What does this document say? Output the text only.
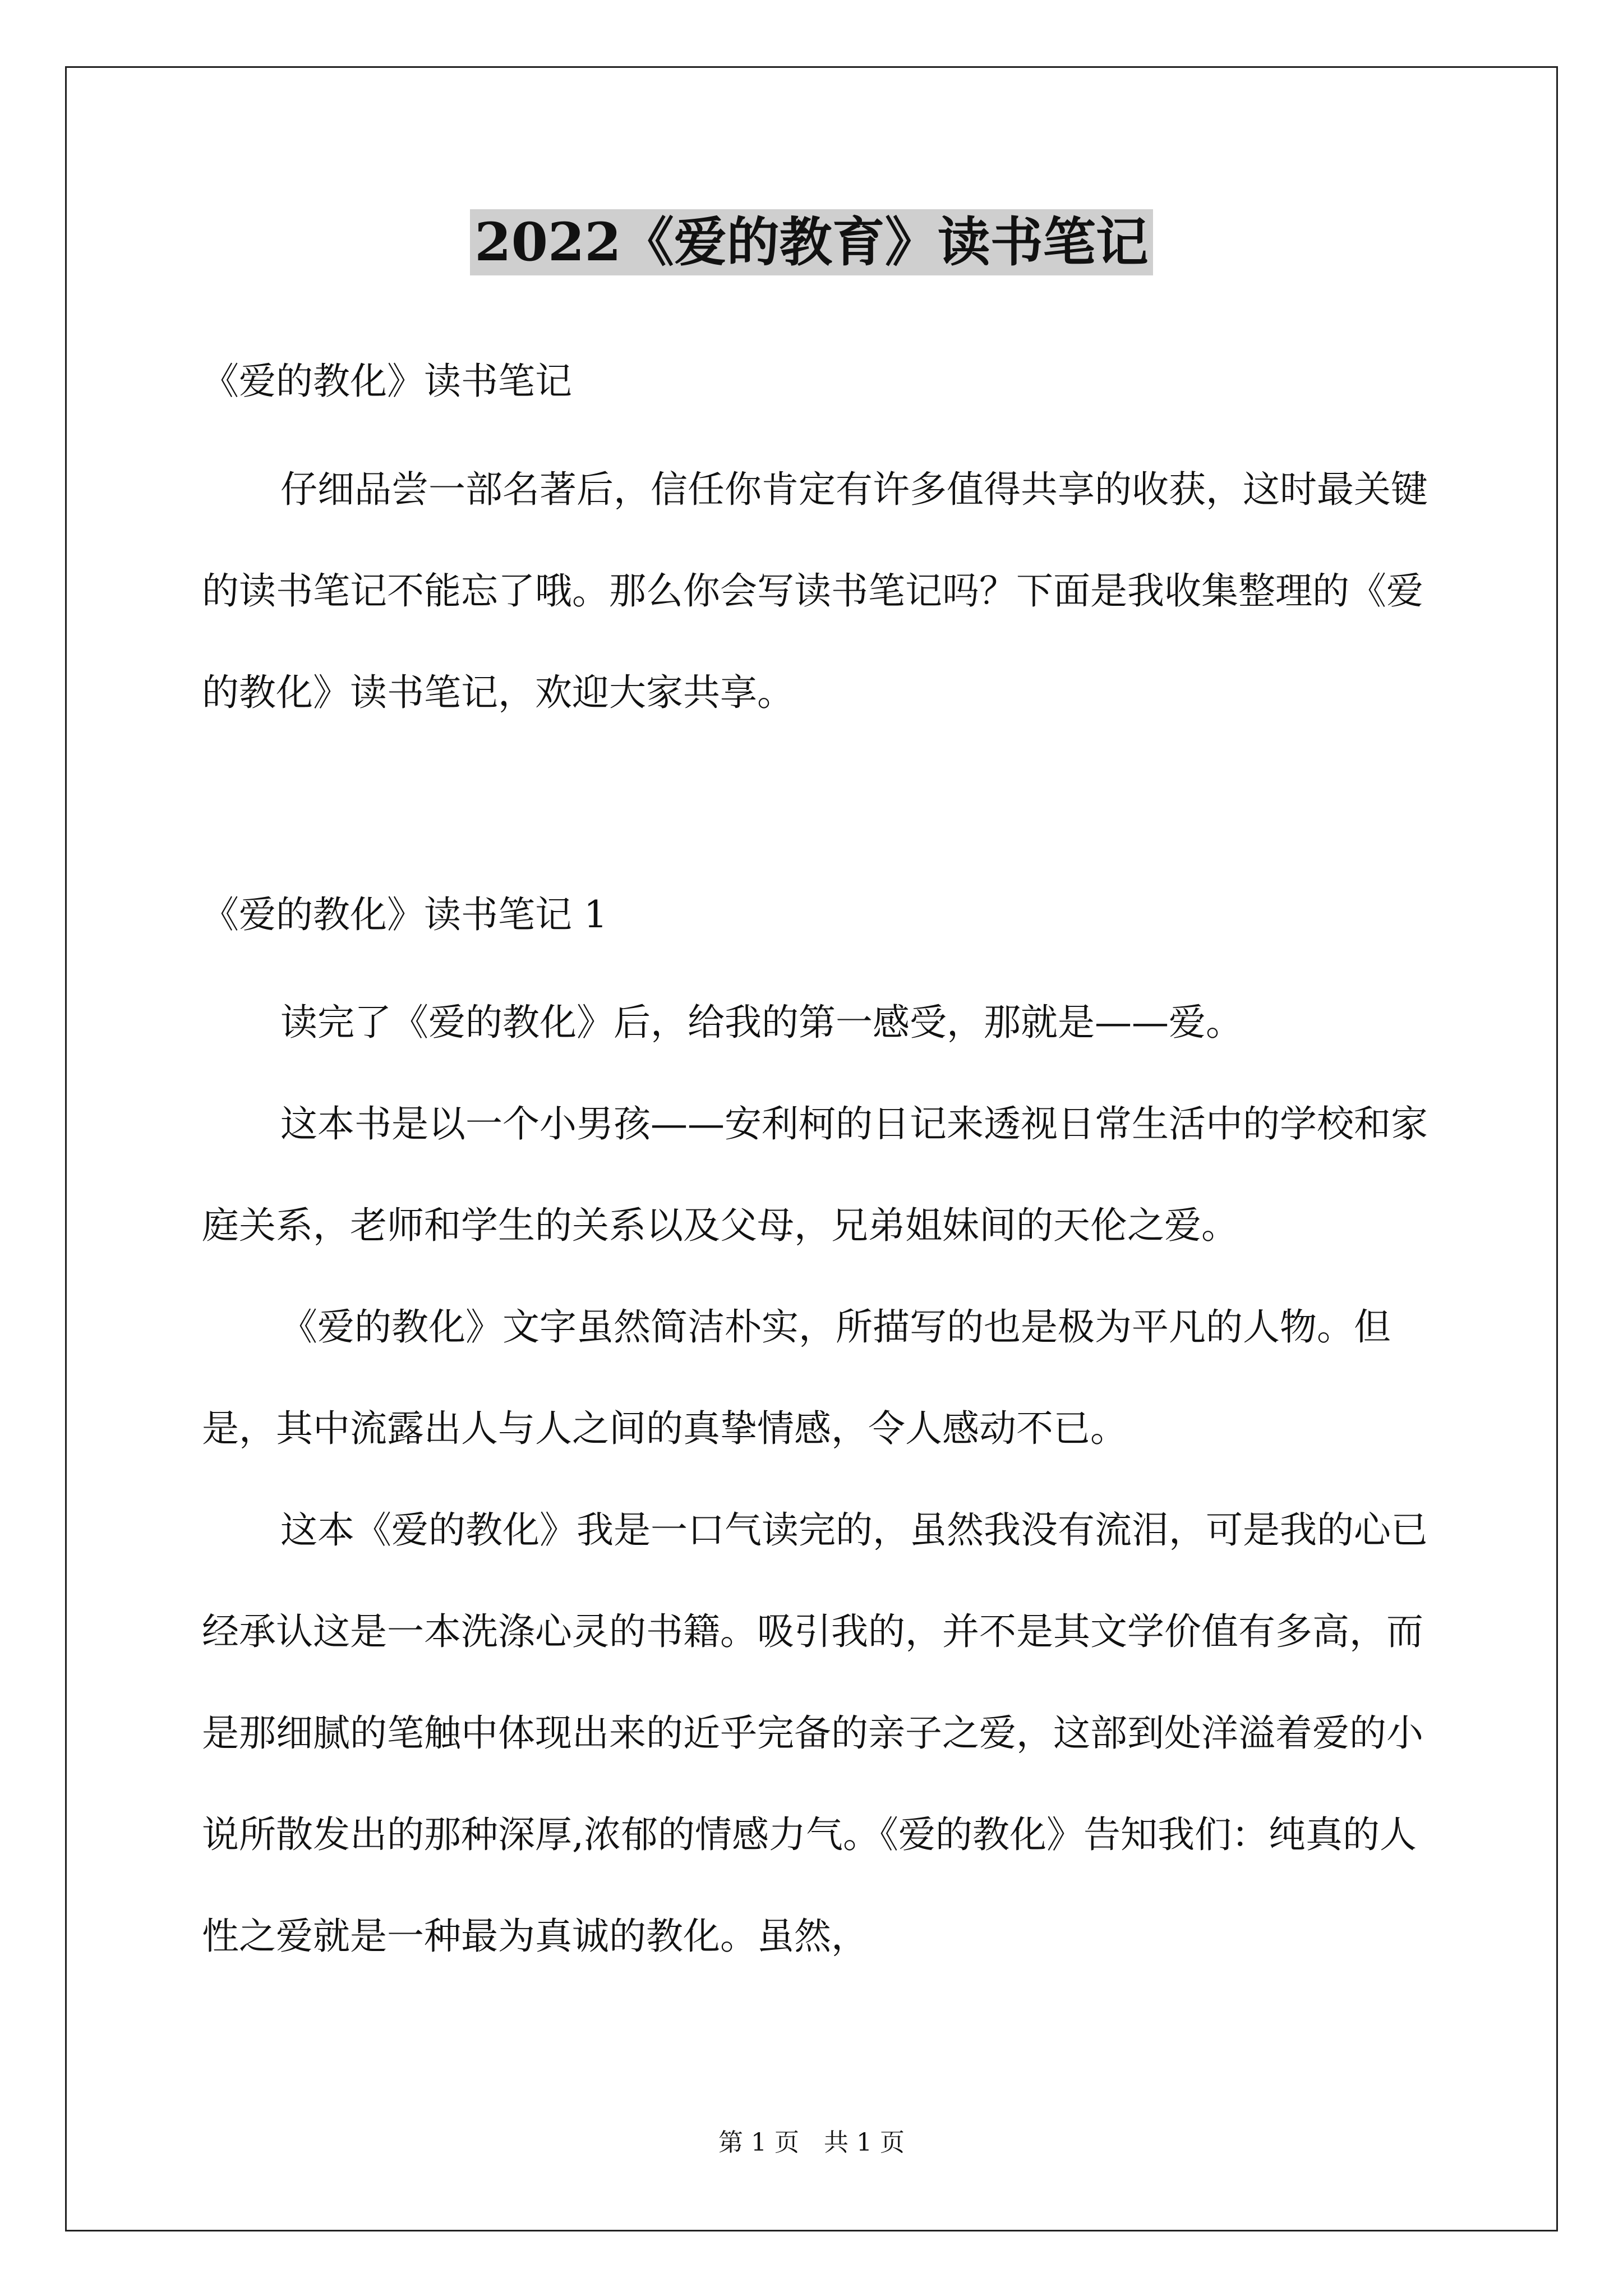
2022《爱的教育》读书笔记

《爱的教化》读书笔记

仔细品尝一部名著后，信任你肯定有许多值得共享的收获，这时最关键的读书笔记不能忘了哦。那么你会写读书笔记吗？下面是我收集整理的《爱的教化》读书笔记，欢迎大家共享。

《爱的教化》读书笔记 1

读完了《爱的教化》后，给我的第一感受，那就是——爱。

这本书是以一个小男孩——安利柯的日记来透视日常生活中的学校和家庭关系，老师和学生的关系以及父母，兄弟姐妹间的天伦之爱。

《爱的教化》文字虽然简洁朴实，所描写的也是极为平凡的人物。但是，其中流露出人与人之间的真挚情感，令人感动不已。

这本《爱的教化》我是一口气读完的，虽然我没有流泪，可是我的心已经承认这是一本洗涤心灵的书籍。吸引我的，并不是其文学价值有多高，而是那细腻的笔触中体现出来的近乎完备的亲子之爱，这部到处洋溢着爱的小说所散发出的那种深厚,浓郁的情感力气。《爱的教化》告知我们：纯真的人性之爱就是一种最为真诚的教化。虽然，

第 1 页　共 1 页
